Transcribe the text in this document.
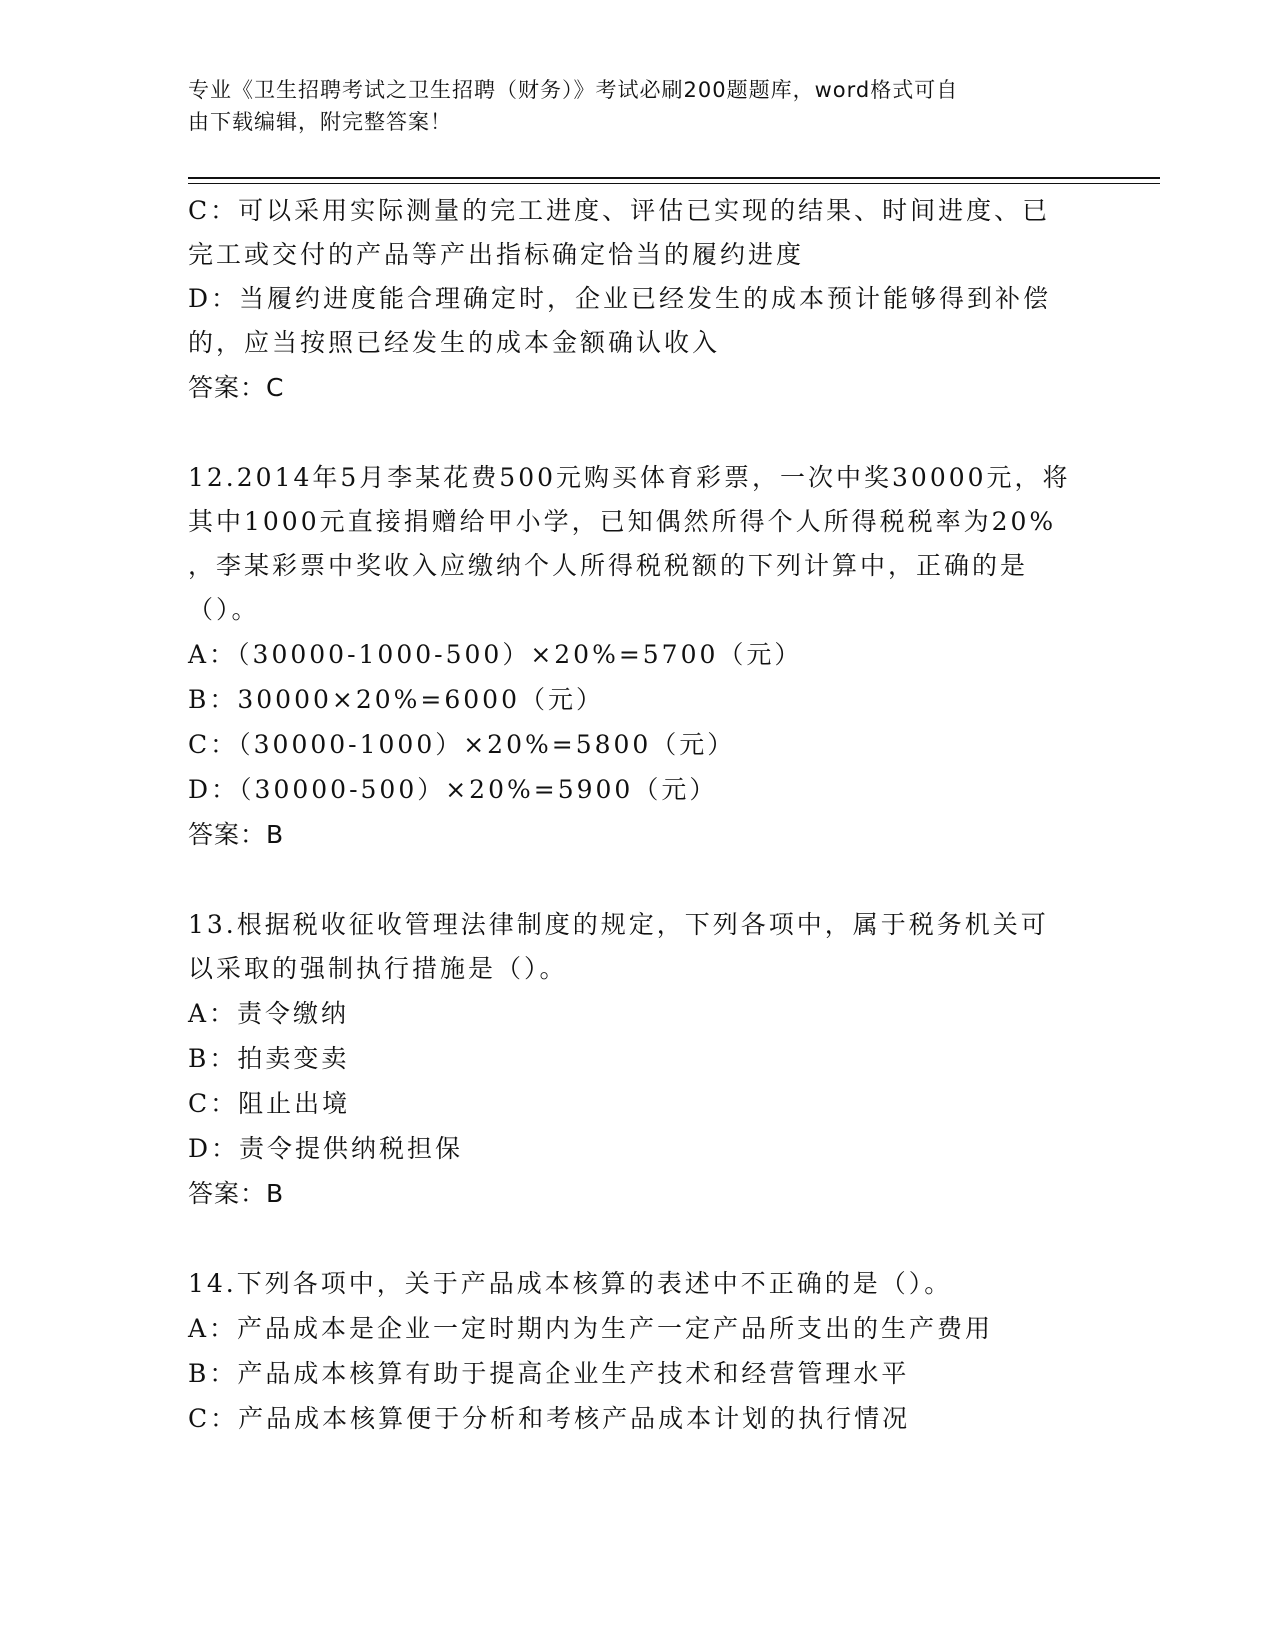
专业《卫生招聘考试之卫生招聘（财务）》考试必刷200题题库，word格式可自
由下载编辑，附完整答案！

C：可以采用实际测量的完工进度、评估已实现的结果、时间进度、已

完工或交付的产品等产出指标确定恰当的履约进度

D：当履约进度能合理确定时，企业已经发生的成本预计能够得到补偿

的，应当按照已经发生的成本金额确认收入

答案：C

12.2014年5月李某花费500元购买体育彩票，一次中奖30000元，将

其中1000元直接捐赠给甲小学，已知偶然所得个人所得税税率为20%

，李某彩票中奖收入应缴纳个人所得税税额的下列计算中，正确的是

（）。

A：（30000-1000-500）×20%=5700（元）

B：30000×20%=6000（元）

C：（30000-1000）×20%=5800（元）

D：（30000-500）×20%=5900（元）

答案：B

13.根据税收征收管理法律制度的规定，下列各项中，属于税务机关可

以采取的强制执行措施是（）。

A：责令缴纳

B：拍卖变卖

C：阻止出境

D：责令提供纳税担保

答案：B

14.下列各项中，关于产品成本核算的表述中不正确的是（）。

A：产品成本是企业一定时期内为生产一定产品所支出的生产费用

B：产品成本核算有助于提高企业生产技术和经营管理水平

C：产品成本核算便于分析和考核产品成本计划的执行情况
